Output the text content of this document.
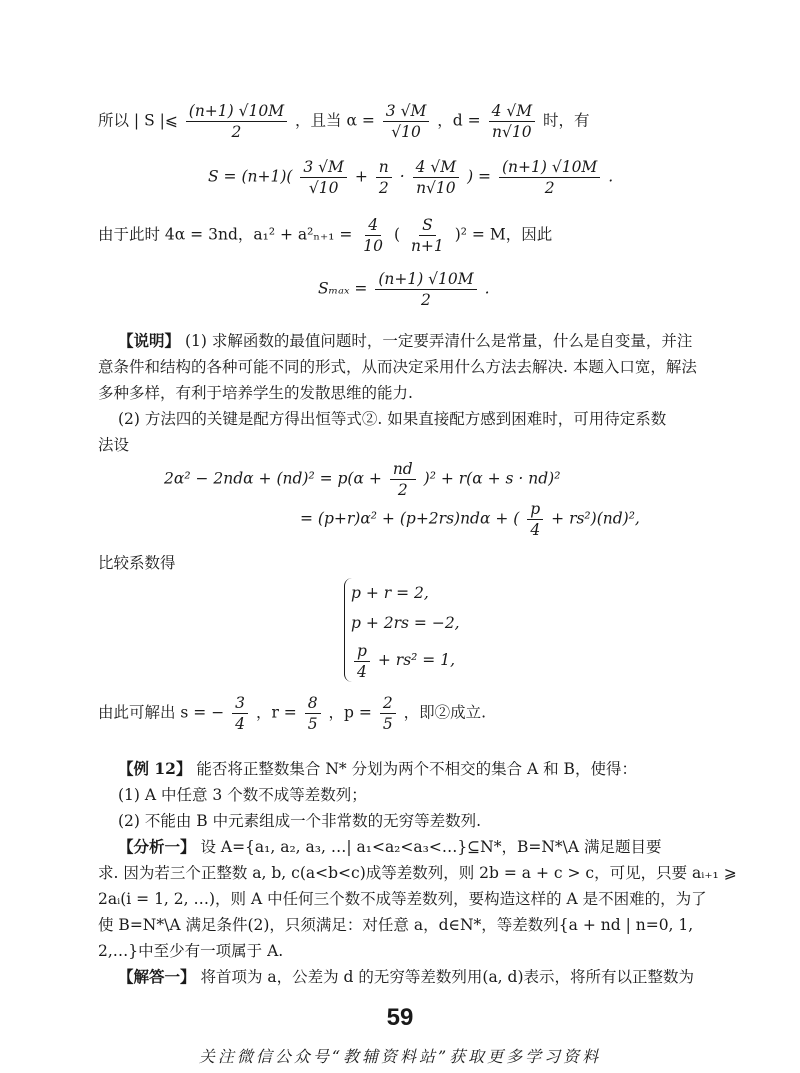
所以 | S |⩽ $\frac{(n+1) √10M}{2}$ ，且当 $\alpha = \frac{3 √M}{√10}$ ，$d = \frac{4 √M}{n√10}$ 时，有
$S = (n+1)( \frac{3 √M}{√10} + \frac{n}{2} \cdot \frac{4 √M}{n√10}$ ) = $\frac{(n+1) √10M}{2}$ .
由于此时 4α = 3nd，$a_1^2 + a^2_{n+1} = \frac{4}{10}$ ( $\frac{S}{n+1} )^2 = M$，因此
$S_{max} = \frac{(n+1) √10M}{2}$ .
【说明】 (1) 求解函数的最值问题时，一定要弄清什么是常量，什么是自变量，并注
意条件和结构的各种可能不同的形式，从而决定采用什么方法去解决. 本题入口宽，解法
多种多样，有利于培养学生的发散思维的能力.
(2) 方法四的关键是配方得出恒等式②. 如果直接配方感到困难时，可用待定系数
法设
$2\alpha^2 - 2nd\alpha + (nd)^2 = p(\alpha + \frac{nd}{2} )^2 + r(\alpha + s \cdot nd)^2$
= (p+r)α² + (p+2rs)ndα + ( $\frac{p}{4} + rs^2)(nd)^2$,
比较系数得
p + r = 2,
p + 2rs = −2,
$\frac{p}{4} + rs^2 = 1$,
由此可解出 s = − $\frac{3}{4}$ ，$r = \frac{8}{5}$ ，$p = \frac{2}{5}$ ，即②成立.
【例 12】 能否将正整数集合 N* 分划为两个不相交的集合 A 和 B，使得：
(1) A 中任意 3 个数不成等差数列；
(2) 不能由 B 中元素组成一个非常数的无穷等差数列.
【分析一】 设 A={a₁, a₂, a₃, …| a₁<a₂<a₃<…}⊆N*，B=N*\A 满足题目要
求. 因为若三个正整数 a, b, c(a<b<c)成等差数列，则 2b = a + c > c，可见，只要 aᵢ₊₁ ⩾
2aᵢ(i = 1, 2, …)，则 A 中任何三个数不成等差数列，要构造这样的 A 是不困难的，为了
使 B=N*\A 满足条件(2)，只须满足：对任意 a，d∈N*，等差数列{a + nd | n=0, 1,
2,…}中至少有一项属于 A.
【解答一】 将首项为 a，公差为 d 的无穷等差数列用(a, d)表示，将所有以正整数为
59
关注微信公众号“教辅资料站”获取更多学习资料
